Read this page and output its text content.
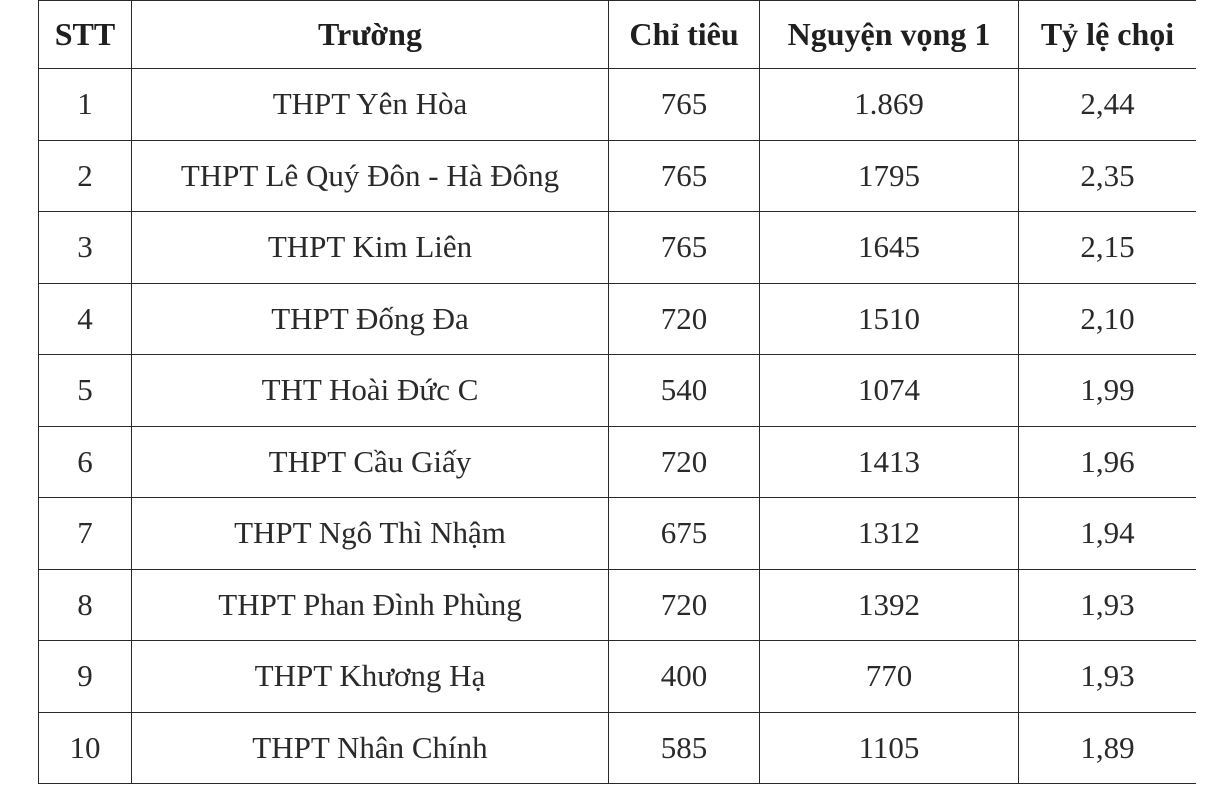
STT	Trường	Chỉ tiêu	Nguyện vọng 1	Tỷ lệ chọi
1	THPT Yên Hòa	765	1.869	2,44
2	THPT Lê Quý Đôn - Hà Đông	765	1795	2,35
3	THPT Kim Liên	765	1645	2,15
4	THPT Đống Đa	720	1510	2,10
5	THT Hoài Đức C	540	1074	1,99
6	THPT Cầu Giấy	720	1413	1,96
7	THPT Ngô Thì Nhậm	675	1312	1,94
8	THPT Phan Đình Phùng	720	1392	1,93
9	THPT Khương Hạ	400	770	1,93
10	THPT Nhân Chính	585	1105	1,89
